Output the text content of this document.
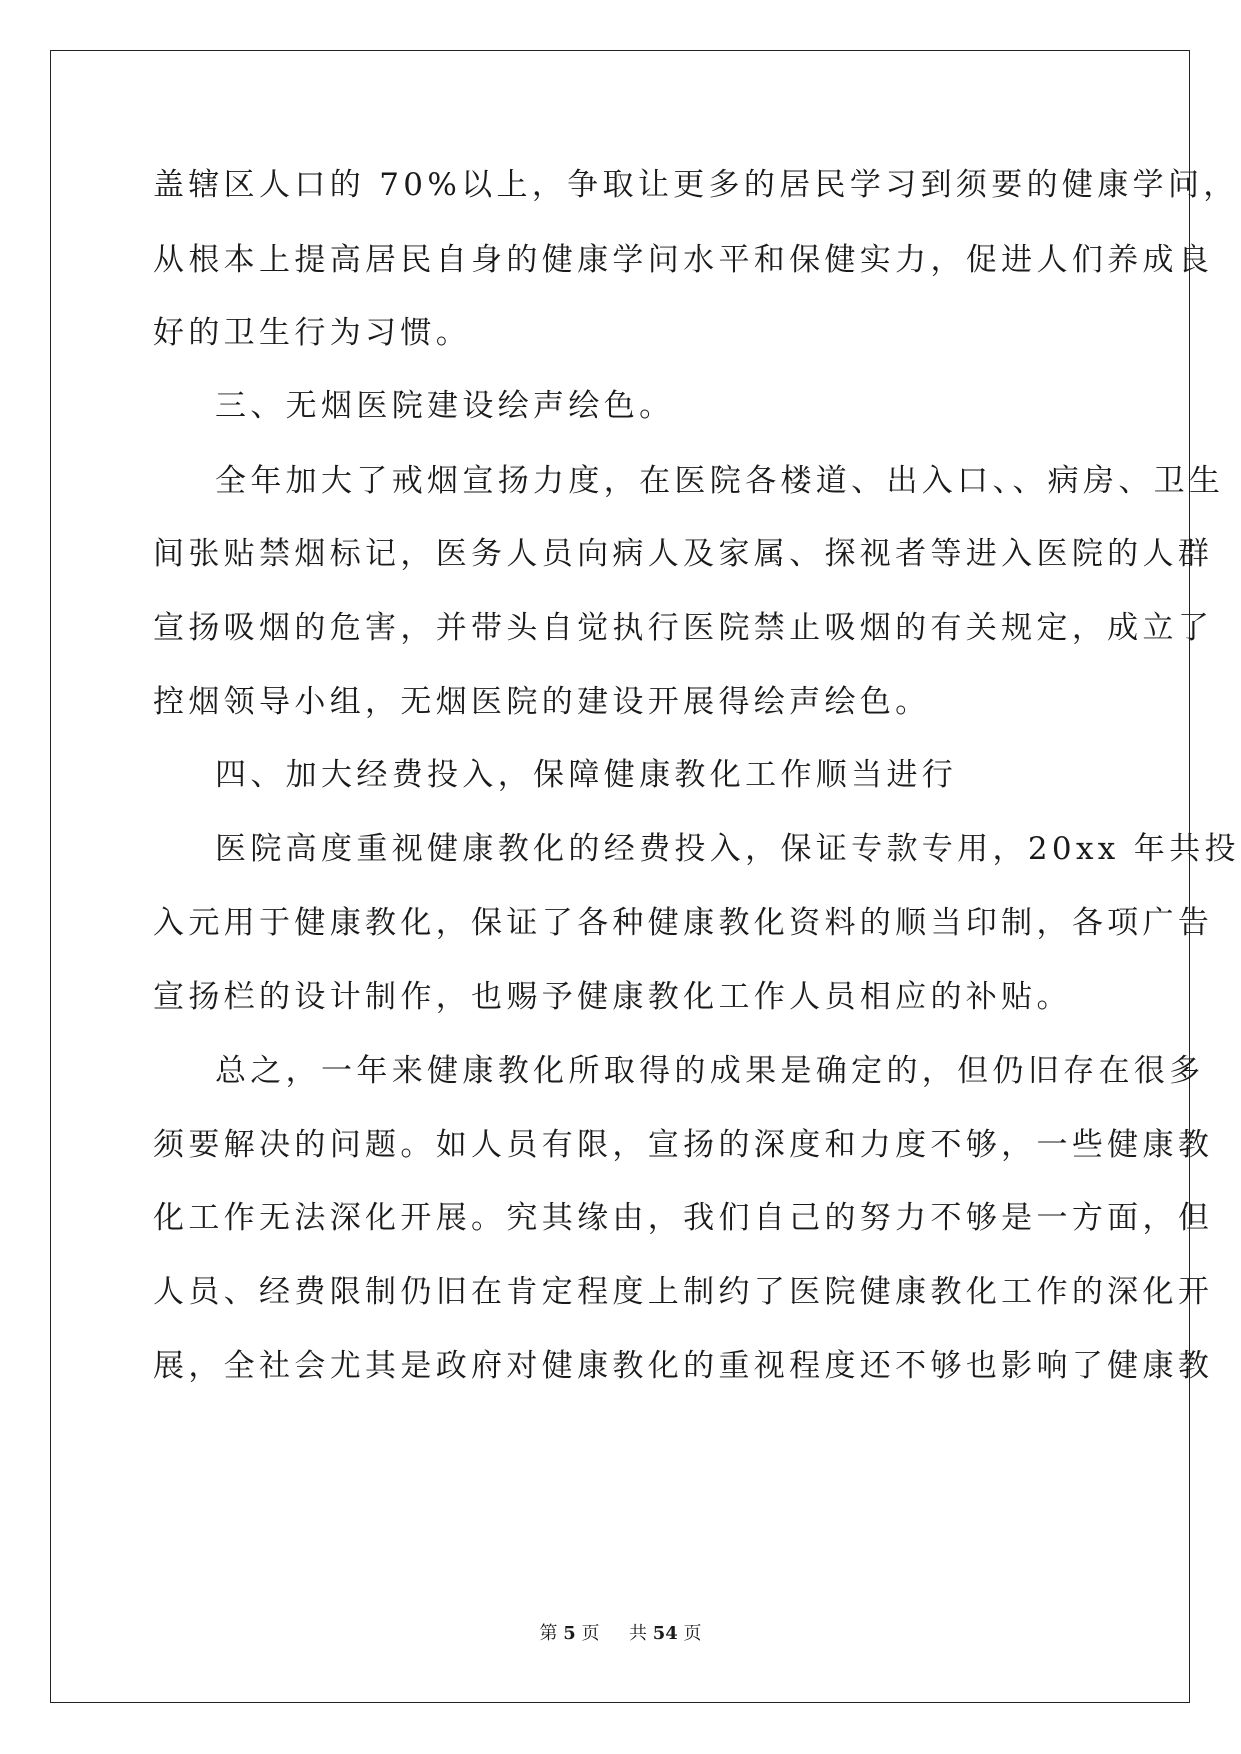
盖辖区人口的 70%以上，争取让更多的居民学习到须要的健康学问，
从根本上提高居民自身的健康学问水平和保健实力，促进人们养成良
好的卫生行为习惯。
三、无烟医院建设绘声绘色。
全年加大了戒烟宣扬力度，在医院各楼道、出入口、、病房、卫生
间张贴禁烟标记，医务人员向病人及家属、探视者等进入医院的人群
宣扬吸烟的危害，并带头自觉执行医院禁止吸烟的有关规定，成立了
控烟领导小组，无烟医院的建设开展得绘声绘色。
四、加大经费投入，保障健康教化工作顺当进行
医院高度重视健康教化的经费投入，保证专款专用，20xx 年共投
入元用于健康教化，保证了各种健康教化资料的顺当印制，各项广告
宣扬栏的设计制作，也赐予健康教化工作人员相应的补贴。
总之，一年来健康教化所取得的成果是确定的，但仍旧存在很多
须要解决的问题。如人员有限，宣扬的深度和力度不够，一些健康教
化工作无法深化开展。究其缘由，我们自己的努力不够是一方面，但
人员、经费限制仍旧在肯定程度上制约了医院健康教化工作的深化开
展，全社会尤其是政府对健康教化的重视程度还不够也影响了健康教
第 5 页 共 54 页
